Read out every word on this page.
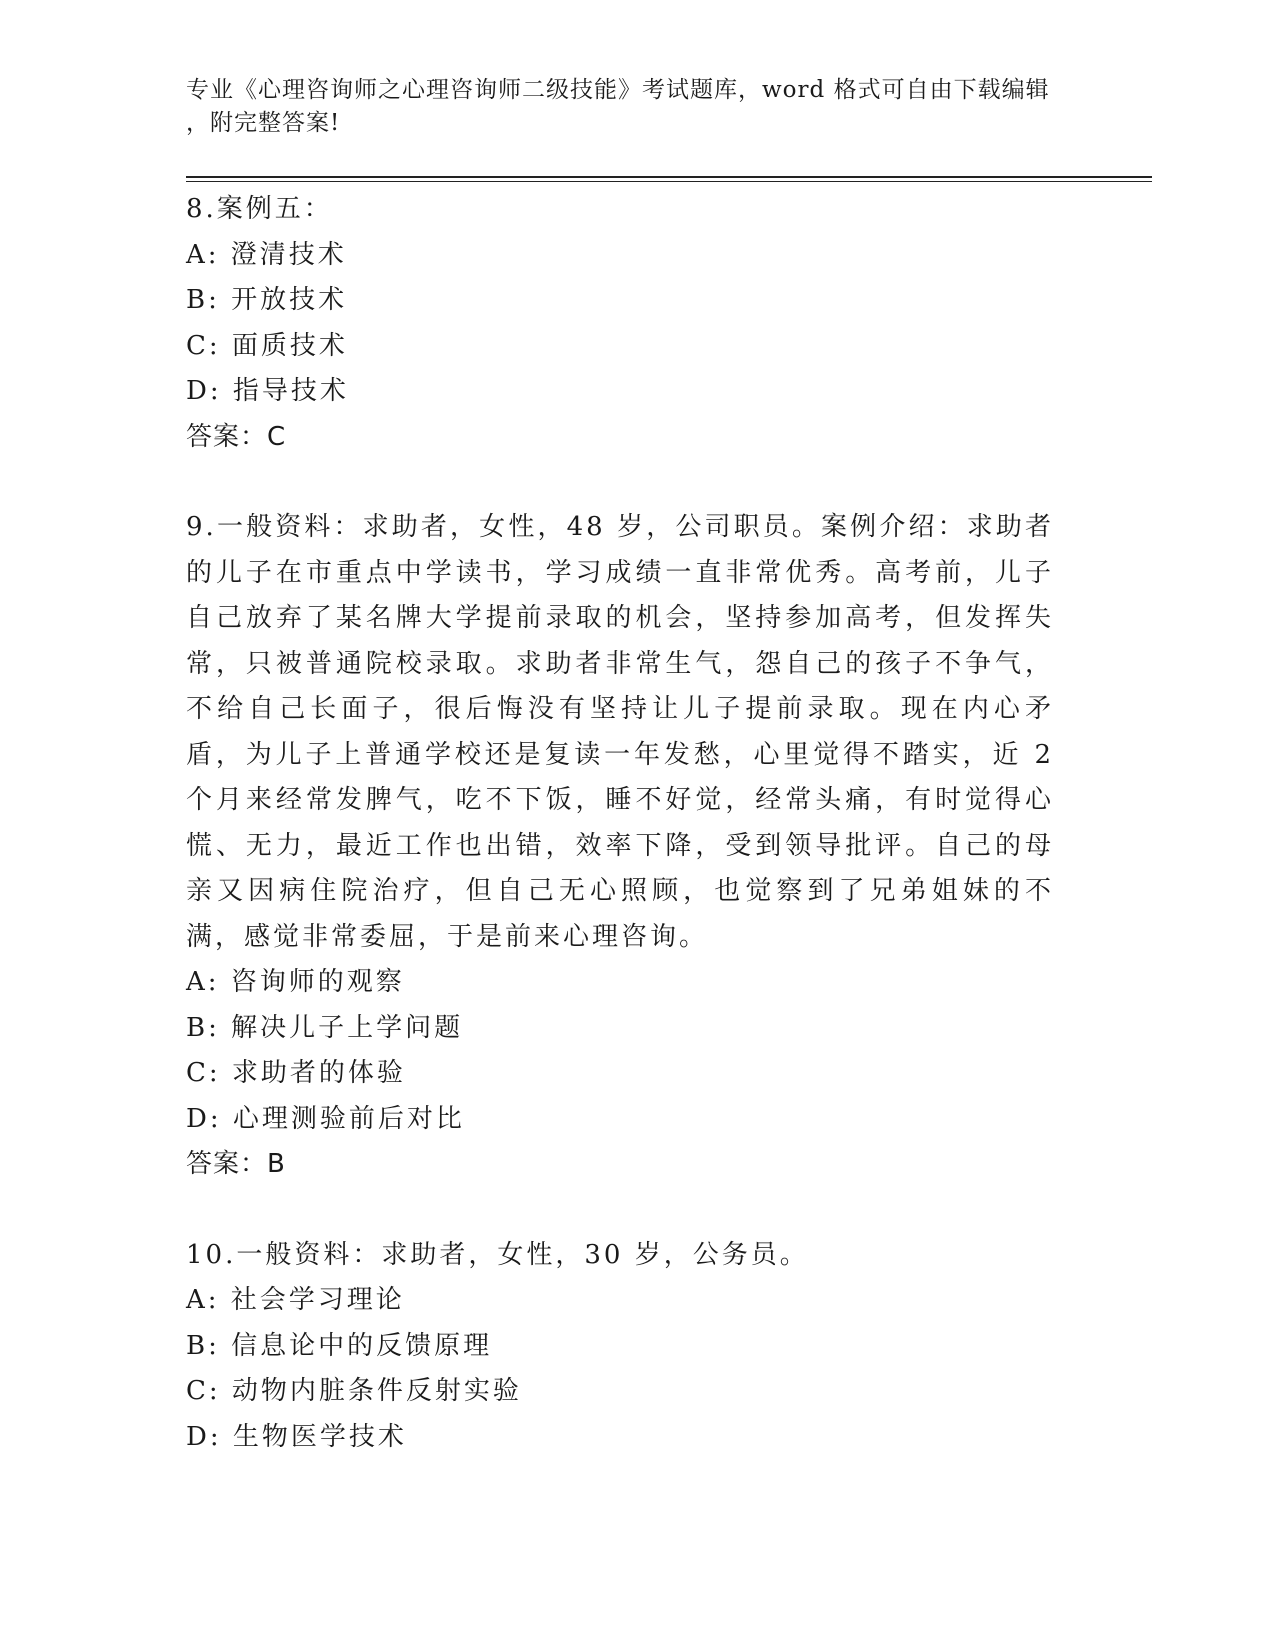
专业《心理咨询师之心理咨询师二级技能》考试题库，word 格式可自由下载编辑
，附完整答案!
8.案例五：
A: 澄清技术
B: 开放技术
C: 面质技术
D: 指导技术
答案：C
9.一般资料：求助者，女性，48 岁，公司职员。案例介绍：求助者的儿子在市重点中学读书，学习成绩一直非常优秀。高考前，儿子自己放弃了某名牌大学提前录取的机会，坚持参加高考，但发挥失常，只被普通院校录取。求助者非常生气，怨自己的孩子不争气，不给自己长面子，很后悔没有坚持让儿子提前录取。现在内心矛盾，为儿子上普通学校还是复读一年发愁，心里觉得不踏实，近 2 个月来经常发脾气，吃不下饭，睡不好觉，经常头痛，有时觉得心慌、无力，最近工作也出错，效率下降，受到领导批评。自己的母亲又因病住院治疗，但自己无心照顾，也觉察到了兄弟姐妹的不满，感觉非常委屈，于是前来心理咨询。
A: 咨询师的观察
B: 解决儿子上学问题
C: 求助者的体验
D: 心理测验前后对比
答案：B
10.一般资料：求助者，女性，30 岁，公务员。
A: 社会学习理论
B: 信息论中的反馈原理
C: 动物内脏条件反射实验
D: 生物医学技术
